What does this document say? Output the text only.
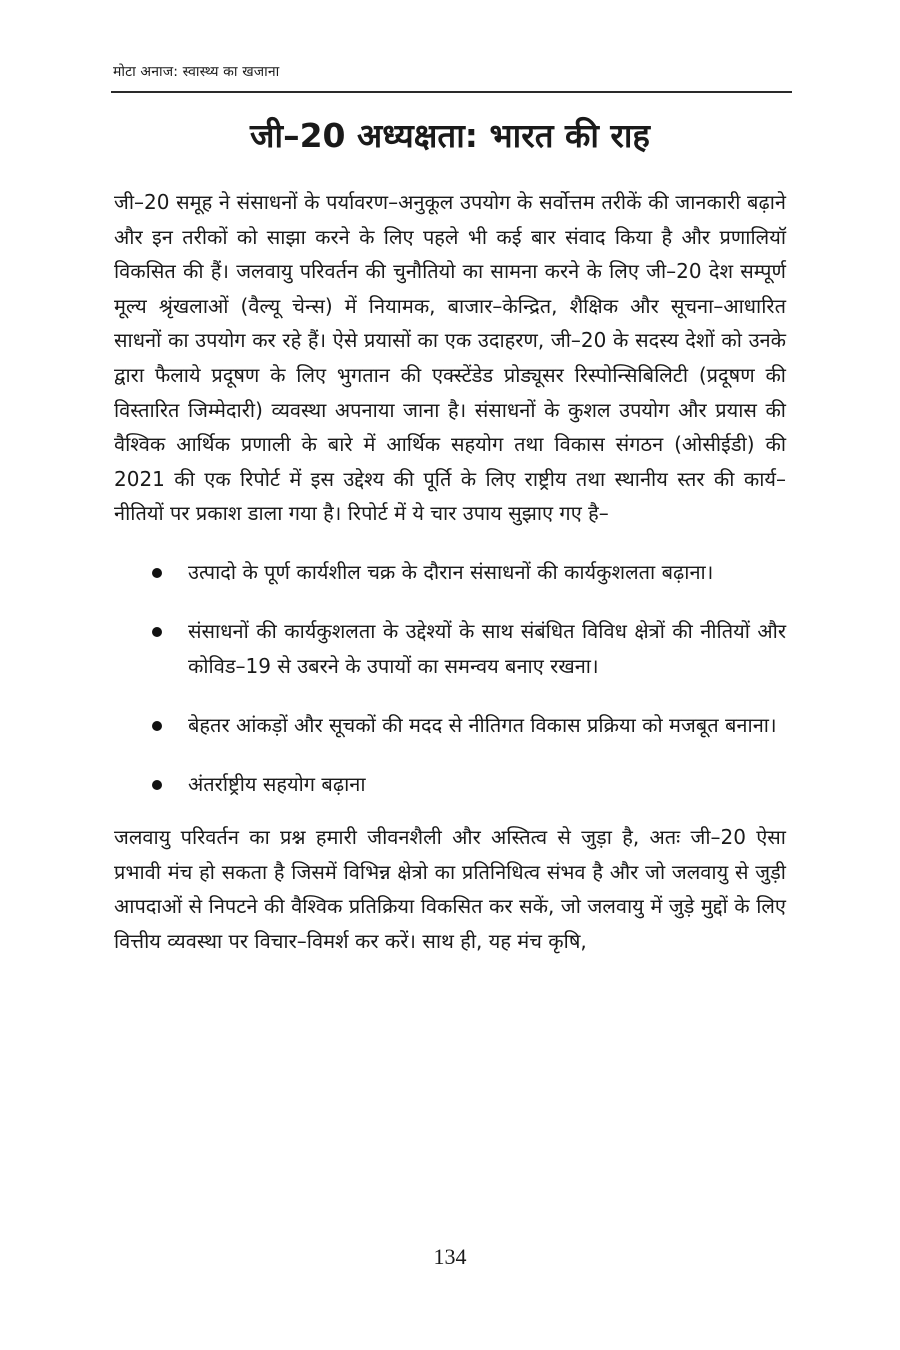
मोटा अनाज: स्वास्थ्य का खजाना
जी–20 अध्यक्षता: भारत की राह

जी–20 समूह ने संसाधनों के पर्यावरण–अनुकूल उपयोग के सर्वोत्तम तरीकें की जानकारी बढ़ाने और इन तरीकों को साझा करने के लिए पहले भी कई बार संवाद किया है और प्रणालियॉ विकसित की हैं। जलवायु परिवर्तन की चुनौतियो का सामना करने के लिए जी–20 देश सम्पूर्ण मूल्य श्रृंखलाओं (वैल्यू चेन्स) में नियामक, बाजार–केन्द्रित, शैक्षिक और सूचना–आधारित साधनों का उपयोग कर रहे हैं। ऐसे प्रयासों का एक उदाहरण, जी–20 के सदस्य देशों को उनके द्वारा फैलाये प्रदूषण के लिए भुगतान की एक्स्टेंडेड प्रोड्यूसर रिस्पोन्सिबिलिटी (प्रदूषण की विस्तारित जिम्मेदारी) व्यवस्था अपनाया जाना है। संसाधनों के कुशल उपयोग और प्रयास की वैश्विक आर्थिक प्रणाली के बारे में आर्थिक सहयोग तथा विकास संगठन (ओसीईडी) की 2021 की एक रिपोर्ट में इस उद्देश्य की पूर्ति के लिए राष्ट्रीय तथा स्थानीय स्तर की कार्य–नीतियों पर प्रकाश डाला गया है। रिपोर्ट में ये चार उपाय सुझाए गए है–

उत्पादो के पूर्ण कार्यशील चक्र के दौरान संसाधनों की कार्यकुशलता बढ़ाना।
संसाधनों की कार्यकुशलता के उद्देश्यों के साथ संबंधित विविध क्षेत्रों की नीतियों और कोविड–19 से उबरने के उपायों का समन्वय बनाए रखना।
बेहतर आंकड़ों और सूचकों की मदद से नीतिगत विकास प्रक्रिया को मजबूत बनाना।
अंतर्राष्ट्रीय सहयोग बढ़ाना

जलवायु परिवर्तन का प्रश्न हमारी जीवनशैली और अस्तित्व से जुड़ा है, अतः जी–20 ऐसा प्रभावी मंच हो सकता है जिसमें विभिन्न क्षेत्रो का प्रतिनिधित्व संभव है और जो जलवायु से जुड़ी आपदाओं से निपटने की वैश्विक प्रतिक्रिया विकसित कर सकें, जो जलवायु में जुड़े मुद्दों के लिए वित्तीय व्यवस्था पर विचार–विमर्श कर करें। साथ ही, यह मंच कृषि,

134
